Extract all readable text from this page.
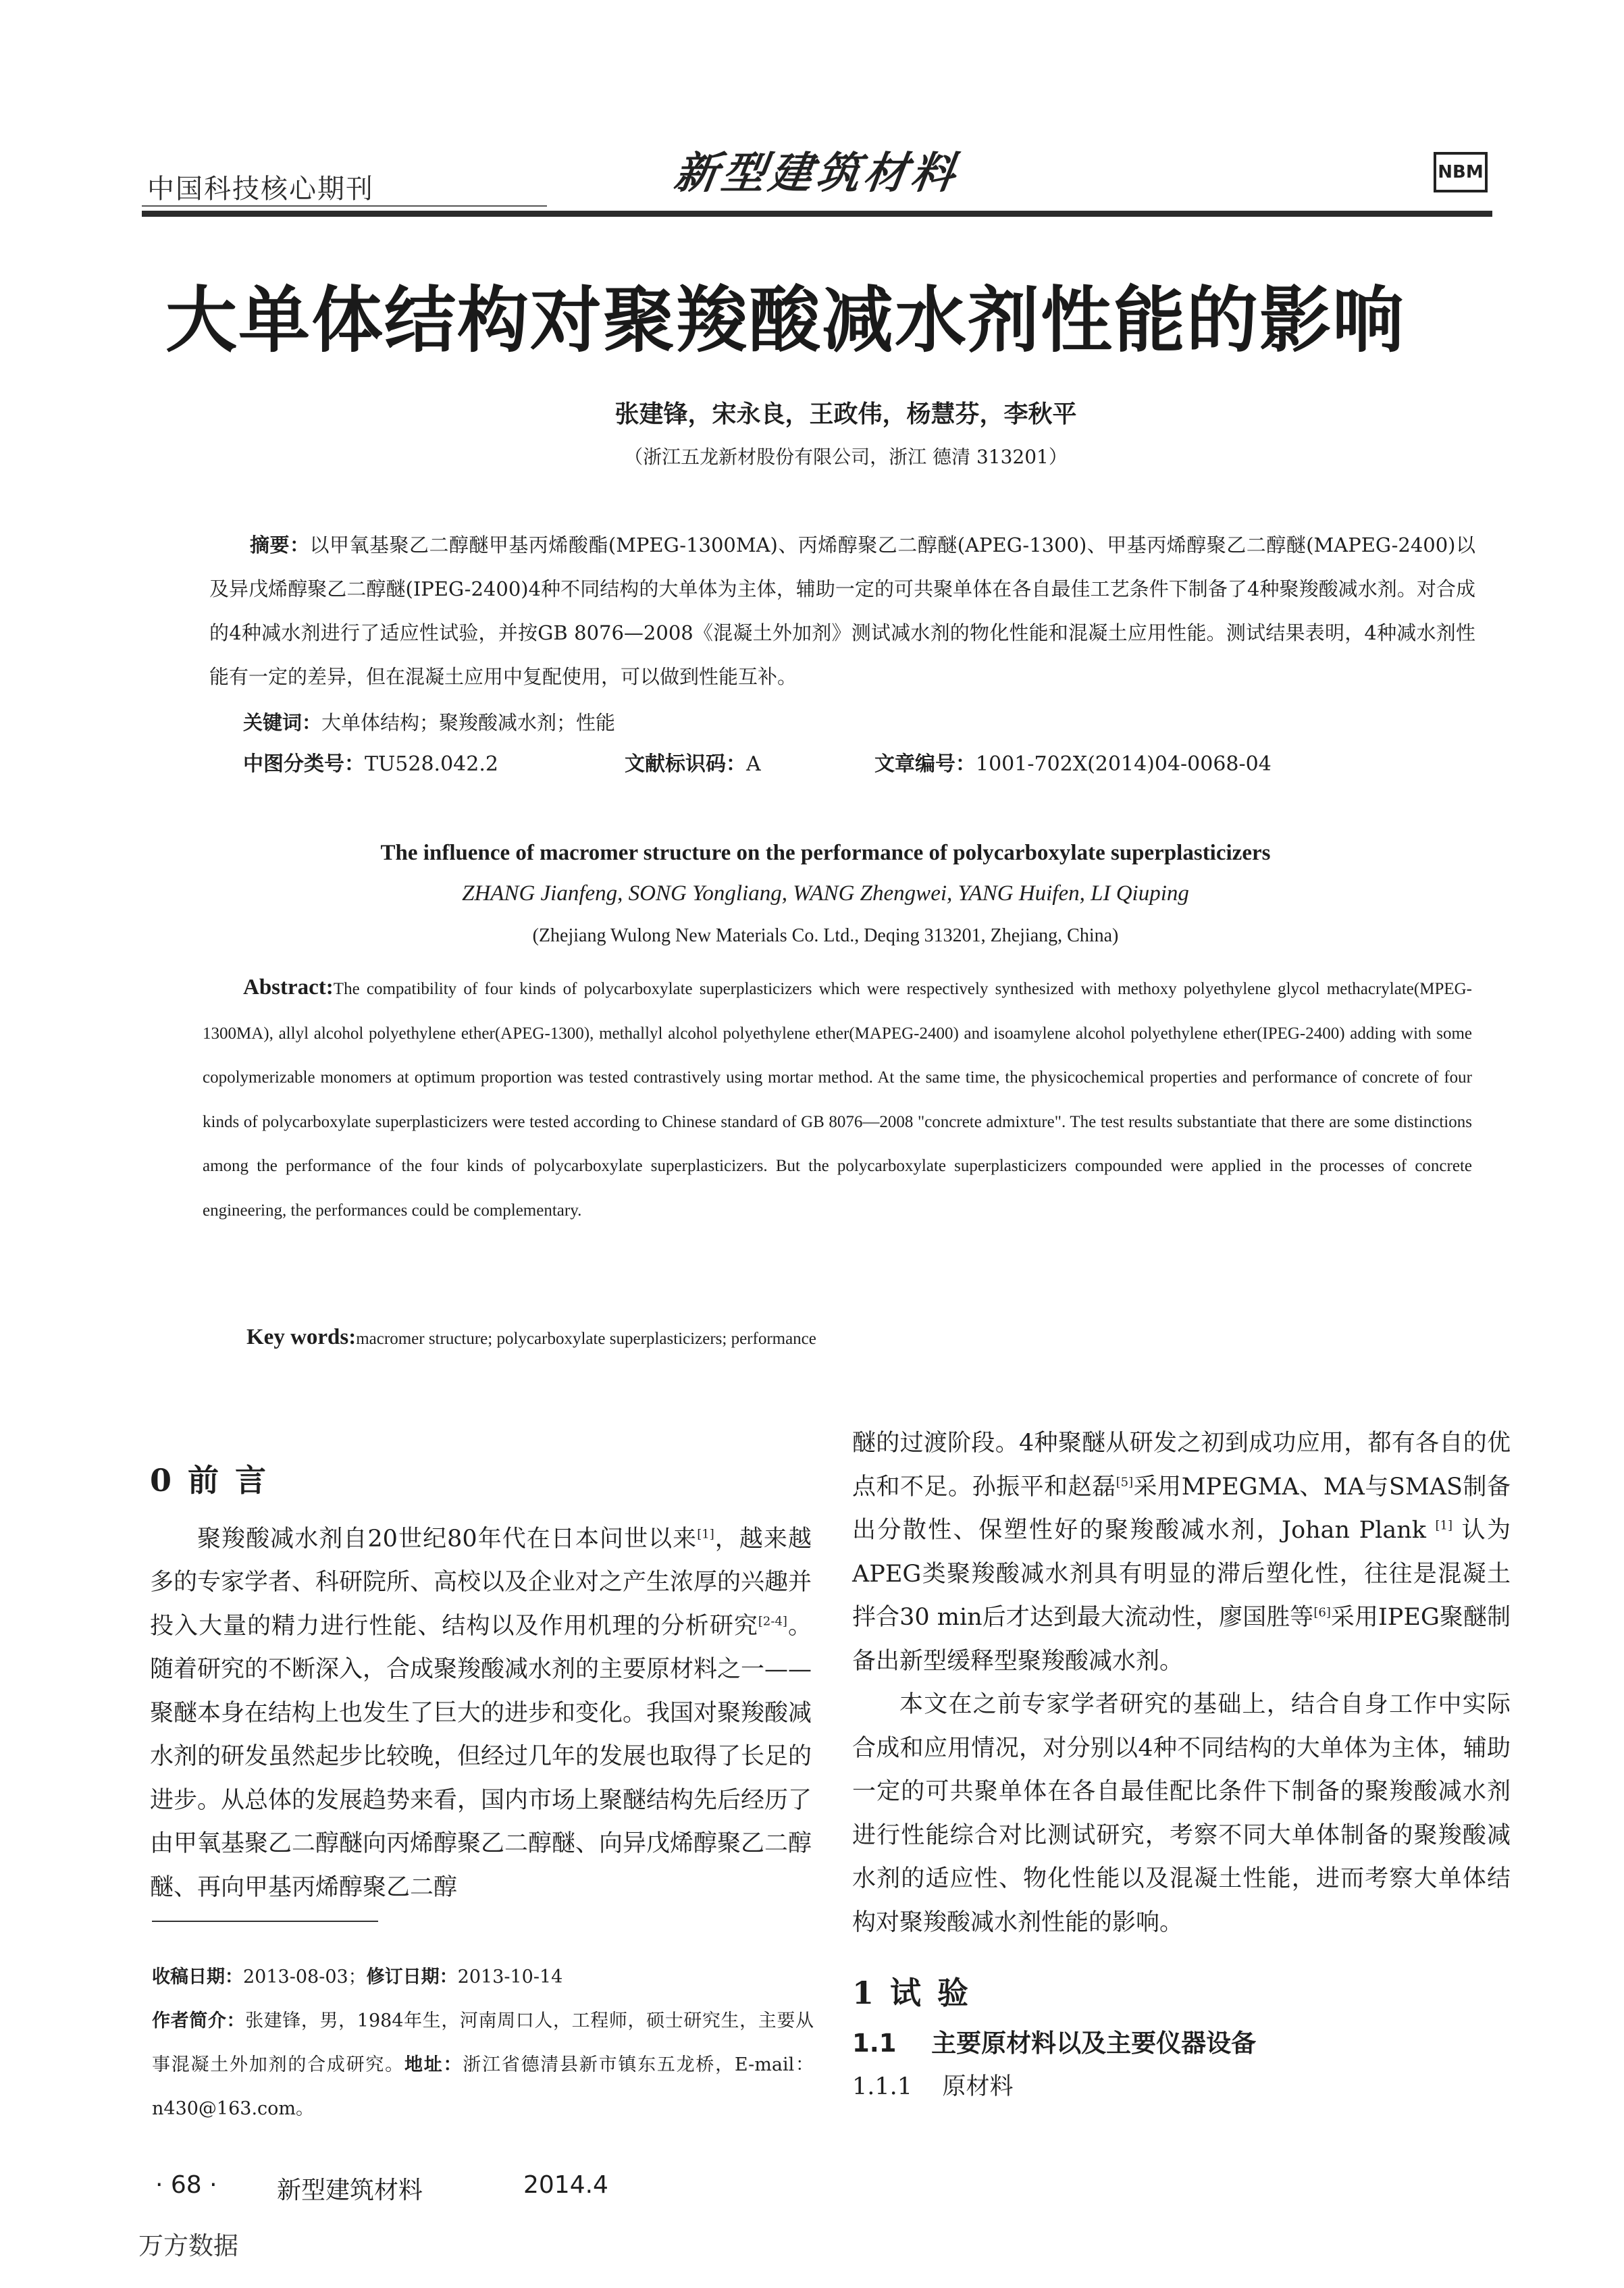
中国科技核心期刊	新型建筑材料	NBM
大单体结构对聚羧酸减水剂性能的影响
张建锋，宋永良，王政伟，杨慧芬，李秋平
（浙江五龙新材股份有限公司，浙江 德清 313201）
摘要：以甲氧基聚乙二醇醚甲基丙烯酸酯(MPEG-1300MA)、丙烯醇聚乙二醇醚(APEG-1300)、甲基丙烯醇聚乙二醇醚(MAPEG-2400)以及异戊烯醇聚乙二醇醚(IPEG-2400)4种不同结构的大单体为主体，辅助一定的可共聚单体在各自最佳工艺条件下制备了4种聚羧酸减水剂。对合成的4种减水剂进行了适应性试验，并按GB 8076—2008《混凝土外加剂》测试减水剂的物化性能和混凝土应用性能。测试结果表明，4种减水剂性能有一定的差异，但在混凝土应用中复配使用，可以做到性能互补。
关键词：大单体结构；聚羧酸减水剂；性能
中图分类号：TU528.042.2	文献标识码：A	文章编号：1001-702X(2014)04-0068-04
The influence of macromer structure on the performance of polycarboxylate superplasticizers
ZHANG Jianfeng, SONG Yongliang, WANG Zhengwei, YANG Huifen, LI Qiuping
(Zhejiang Wulong New Materials Co. Ltd., Deqing 313201, Zhejiang, China)
Abstract:The compatibility of four kinds of polycarboxylate superplasticizers which were respectively synthesized with methoxy polyethylene glycol methacrylate(MPEG-1300MA), allyl alcohol polyethylene ether(APEG-1300), methallyl alcohol polyethylene ether(MAPEG-2400) and isoamylene alcohol polyethylene ether(IPEG-2400) adding with some copolymerizable monomers at optimum proportion was tested contrastively using mortar method. At the same time, the physicochemical properties and performance of concrete of four kinds of polycarboxylate superplasticizers were tested according to Chinese standard of GB 8076—2008 "concrete admixture". The test results substantiate that there are some distinctions among the performance of the four kinds of polycarboxylate superplasticizers. But the polycarboxylate superplasticizers compounded were applied in the processes of concrete engineering, the performances could be complementary.
Key words:macromer structure; polycarboxylate superplasticizers; performance
0 前 言

聚羧酸减水剂自20世纪80年代在日本问世以来[1]，越来越多的专家学者、科研院所、高校以及企业对之产生浓厚的兴趣并投入大量的精力进行性能、结构以及作用机理的分析研究[2-4]。随着研究的不断深入，合成聚羧酸减水剂的主要原材料之一——聚醚本身在结构上也发生了巨大的进步和变化。我国对聚羧酸减水剂的研发虽然起步比较晚，但经过几年的发展也取得了长足的进步。从总体的发展趋势来看，国内市场上聚醚结构先后经历了由甲氧基聚乙二醇醚向丙烯醇聚乙二醇醚、向异戊烯醇聚乙二醇醚、再向甲基丙烯醇聚乙二醇

收稿日期：2013-08-03；修订日期：2013-10-14
作者简介：张建锋，男，1984年生，河南周口人，工程师，硕士研究生，主要从事混凝土外加剂的合成研究。地址：浙江省德清县新市镇东五龙桥，E-mail：n430@163.com。

醚的过渡阶段。4种聚醚从研发之初到成功应用，都有各自的优点和不足。孙振平和赵磊[5]采用MPEGMA、MA与SMAS制备出分散性、保塑性好的聚羧酸减水剂，Johan Plank [1] 认为APEG类聚羧酸减水剂具有明显的滞后塑化性，往往是混凝土拌合30 min后才达到最大流动性，廖国胜等[6]采用IPEG聚醚制备出新型缓释型聚羧酸减水剂。

本文在之前专家学者研究的基础上，结合自身工作中实际合成和应用情况，对分别以4种不同结构的大单体为主体，辅助一定的可共聚单体在各自最佳配比条件下制备的聚羧酸减水剂进行性能综合对比测试研究，考察不同大单体制备的聚羧酸减水剂的适应性、物化性能以及混凝土性能，进而考察大单体结构对聚羧酸减水剂性能的影响。

1 试 验
1.1    主要原材料以及主要仪器设备
1.1.1    原材料
· 68 · 新型建筑材料	2014.4
万方数据
